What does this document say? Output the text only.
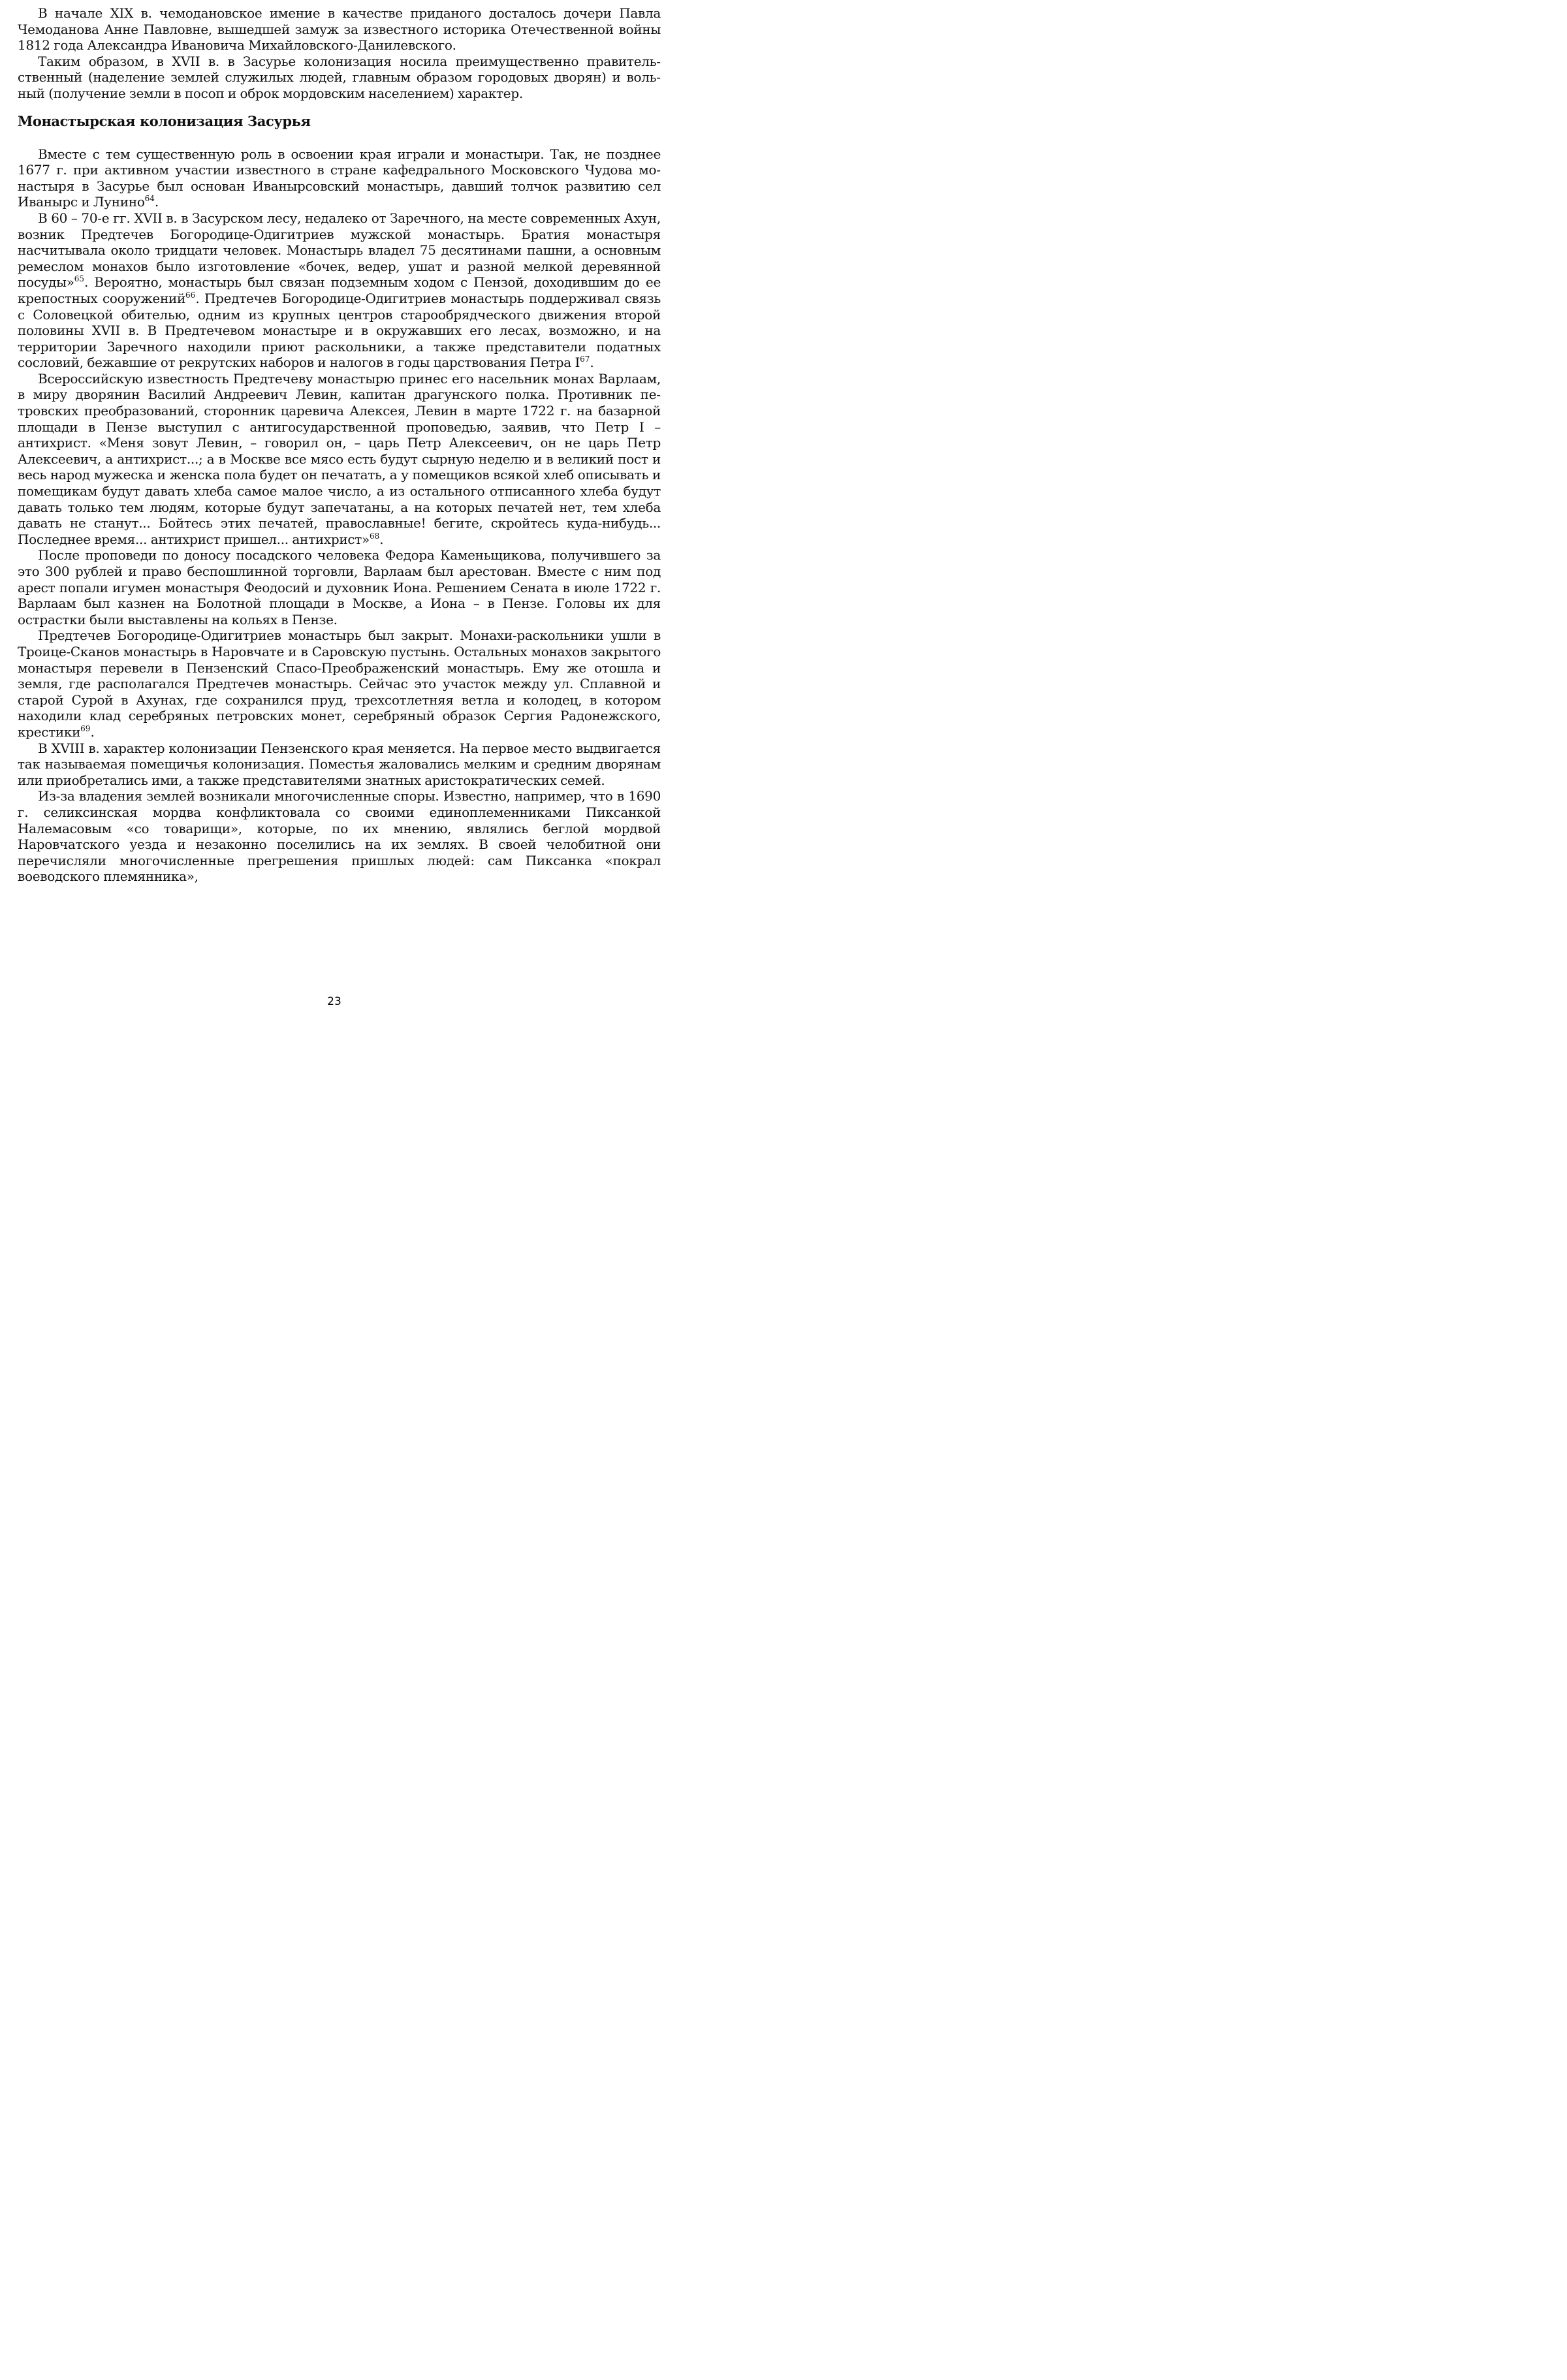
В начале XIX в. чемодановское имение в качестве приданого досталось дочери Павла Чемоданова Анне Павловне, вышедшей замуж за известного историка Отечественной войны 1812 года Александра Ивановича Михайловского-Данилевского.

Таким образом, в XVII в. в Засурье колонизация носила преимущественно правительственный (наделение землей служилых людей, главным образом городовых дворян) и вольный (получение земли в посоп и оброк мордовским населением) характер.

Монастырская колонизация Засурья

Вместе с тем существенную роль в освоении края играли и монастыри. Так, не позднее 1677 г. при активном участии известного в стране кафедрального Московского Чудова монастыря в Засурье был основан Иванырсовский монастырь, давший толчок развитию сел Иванырс и Лунино$^{64}$.

В 60 – 70-е гг. XVII в. в Засурском лесу, недалеко от Заречного, на месте современных Ахун, возник Предтечев Богородице-Одигитриев мужской монастырь. Братия монастыря насчитывала около тридцати человек. Монастырь владел 75 десятинами пашни, а основным ремеслом монахов было изготовление «бочек, ведер, ушат и разной мелкой деревянной посуды»$^{65}$. Вероятно, монастырь был связан подземным ходом с Пензой, доходившим до ее крепостных сооружений$^{66}$. Предтечев Богородице-Одигитриев монастырь поддерживал связь с Соловецкой обителью, одним из крупных центров старообрядческого движения второй половины XVII в. В Предтечевом монастыре и в окружавших его лесах, возможно, и на территории Заречного находили приют раскольники, а также представители податных сословий, бежавшие от рекрутских наборов и налогов в годы царствования Петра $I^{67}$.

Всероссийскую известность Предтечеву монастырю принес его насельник монах Варлаам, в миру дворянин Василий Андреевич Левин, капитан драгунского полка. Противник петровских преобразований, сторонник царевича Алексея, Левин в марте 1722 г. на базарной площади в Пензе выступил с антигосударственной проповедью, заявив, что Петр I – антихрист. «Меня зовут Левин, – говорил он, – царь Петр Алексеевич, он не царь Петр Алексеевич, а антихрист...; а в Москве все мясо есть будут сырную неделю и в великий пост и весь народ мужеска и женска пола будет он печатать, а у помещиков всякой хлеб описывать и помещикам будут давать хлеба самое малое число, а из остального отписанного хлеба будут давать только тем людям, которые будут запечатаны, а на которых печатей нет, тем хлеба давать не станут... Бойтесь этих печатей, православные! бегите, скройтесь куда-нибудь... Последнее время... антихрист пришел... антихрист»$^{68}$.

После проповеди по доносу посадского человека Федора Каменьщикова, получившего за это 300 рублей и право беспошлинной торговли, Варлаам был арестован. Вместе с ним под арест попали игумен монастыря Феодосий и духовник Иона. Решением Сената в июле 1722 г. Варлаам был казнен на Болотной площади в Москве, а Иона – в Пензе. Головы их для острастки были выставлены на кольях в Пензе.

Предтечев Богородице-Одигитриев монастырь был закрыт. Монахи-раскольники ушли в Троице-Сканов монастырь в Наровчате и в Саровскую пустынь. Остальных монахов закрытого монастыря перевели в Пензенский Спасо-Преображенский монастырь. Ему же отошла и земля, где располагался Предтечев монастырь. Сейчас это участок между ул. Сплавной и старой Сурой в Ахунах, где сохранился пруд, трехсотлетняя ветла и колодец, в котором находили клад серебряных петровских монет, серебряный образок Сергия Радонежского, крестики$^{69}$.

В XVIII в. характер колонизации Пензенского края меняется. На первое место выдвигается так называемая помещичья колонизация. Поместья жаловались мелким и средним дворянам или приобретались ими, а также представителями знатных аристократических семей.

Из-за владения землей возникали многочисленные споры. Известно, например, что в 1690 г. селиксинская мордва конфликтовала со своими единоплеменниками Пиксанкой Налемасовым «со товарищи», которые, по их мнению, являлись беглой мордвой Наровчатского уезда и незаконно поселились на их землях. В своей челобитной они перечисляли многочисленные прегрешения пришлых людей: сам Пиксанка «покрал воеводского племянника»,

23
